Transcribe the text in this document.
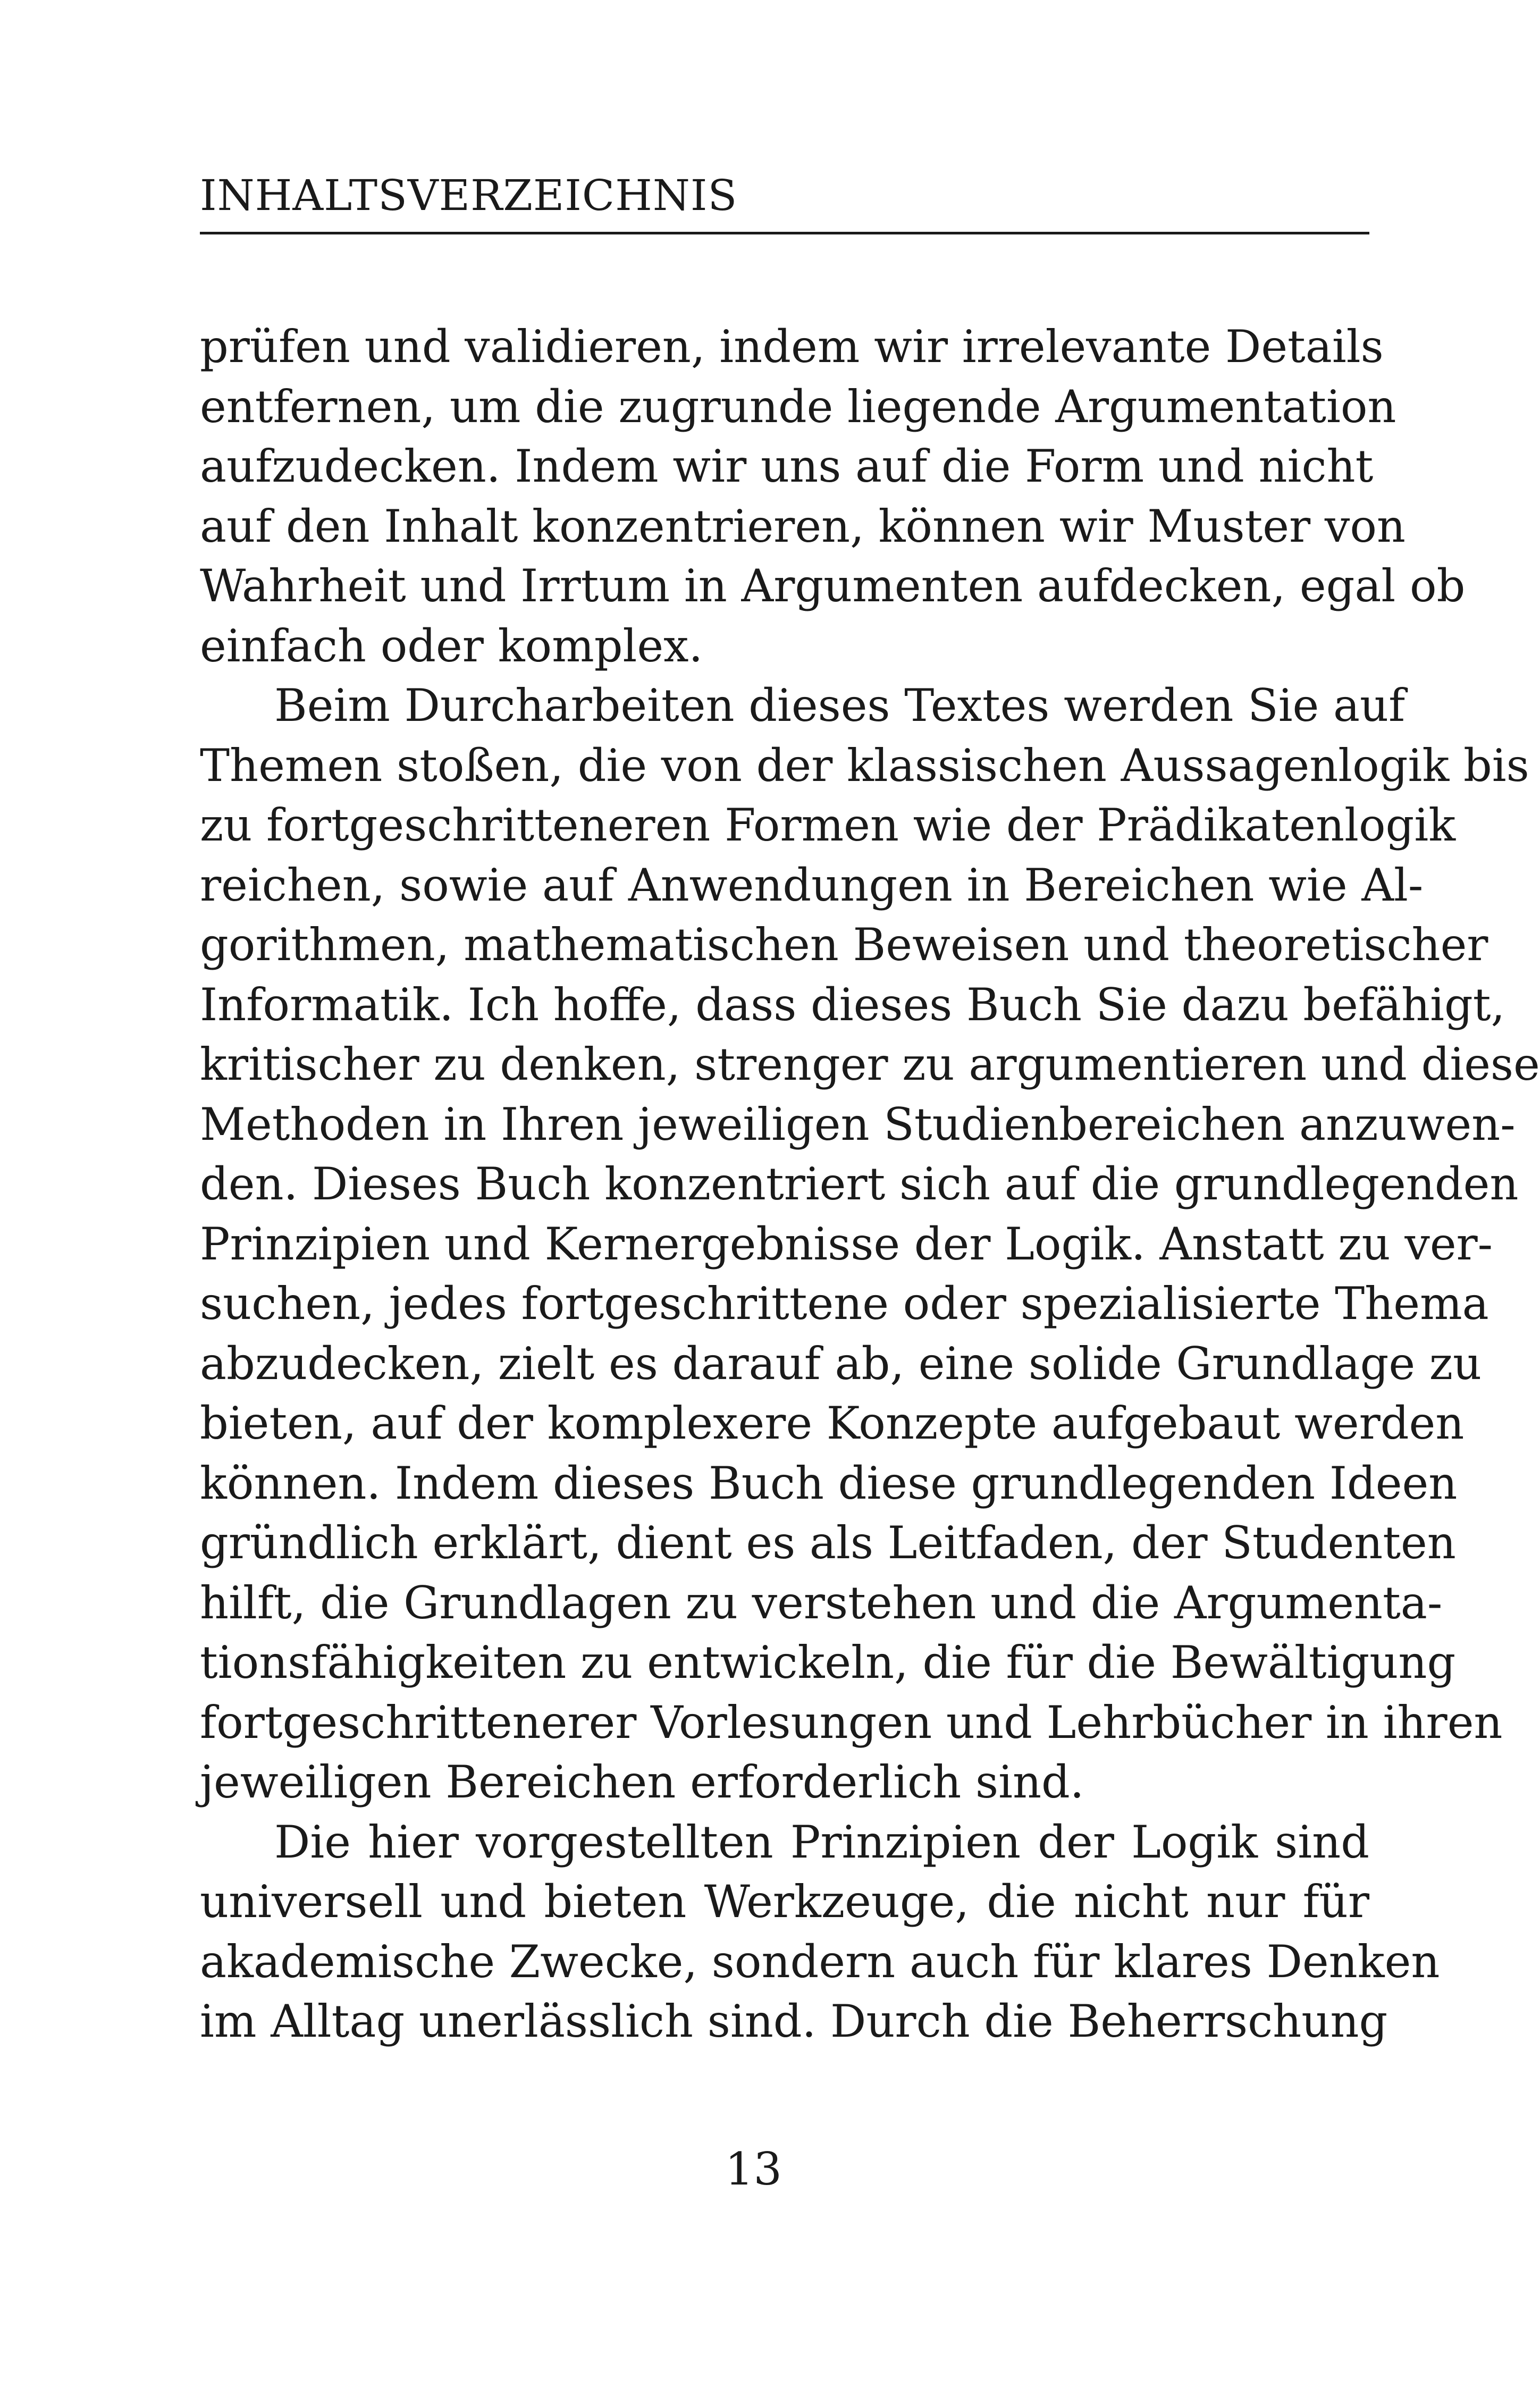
INHALTSVERZEICHNIS
prüfen und validieren, indem wir irrelevante Details
entfernen, um die zugrunde liegende Argumentation
aufzudecken. Indem wir uns auf die Form und nicht
auf den Inhalt konzentrieren, können wir Muster von
Wahrheit und Irrtum in Argumenten aufdecken, egal ob
einfach oder komplex.
Beim Durcharbeiten dieses Textes werden Sie auf
Themen stoßen, die von der klassischen Aussagenlogik bis
zu fortgeschritteneren Formen wie der Prädikatenlogik
reichen, sowie auf Anwendungen in Bereichen wie Al-
gorithmen, mathematischen Beweisen und theoretischer
Informatik. Ich hoffe, dass dieses Buch Sie dazu befähigt,
kritischer zu denken, strenger zu argumentieren und diese
Methoden in Ihren jeweiligen Studienbereichen anzuwen-
den. Dieses Buch konzentriert sich auf die grundlegenden
Prinzipien und Kernergebnisse der Logik. Anstatt zu ver-
suchen, jedes fortgeschrittene oder spezialisierte Thema
abzudecken, zielt es darauf ab, eine solide Grundlage zu
bieten, auf der komplexere Konzepte aufgebaut werden
können. Indem dieses Buch diese grundlegenden Ideen
gründlich erklärt, dient es als Leitfaden, der Studenten
hilft, die Grundlagen zu verstehen und die Argumenta-
tionsfähigkeiten zu entwickeln, die für die Bewältigung
fortgeschrittenerer Vorlesungen und Lehrbücher in ihren
jeweiligen Bereichen erforderlich sind.
Die hier vorgestellten Prinzipien der Logik sind
universell und bieten Werkzeuge, die nicht nur für
akademische Zwecke, sondern auch für klares Denken
im Alltag unerlässlich sind. Durch die Beherrschung
13
